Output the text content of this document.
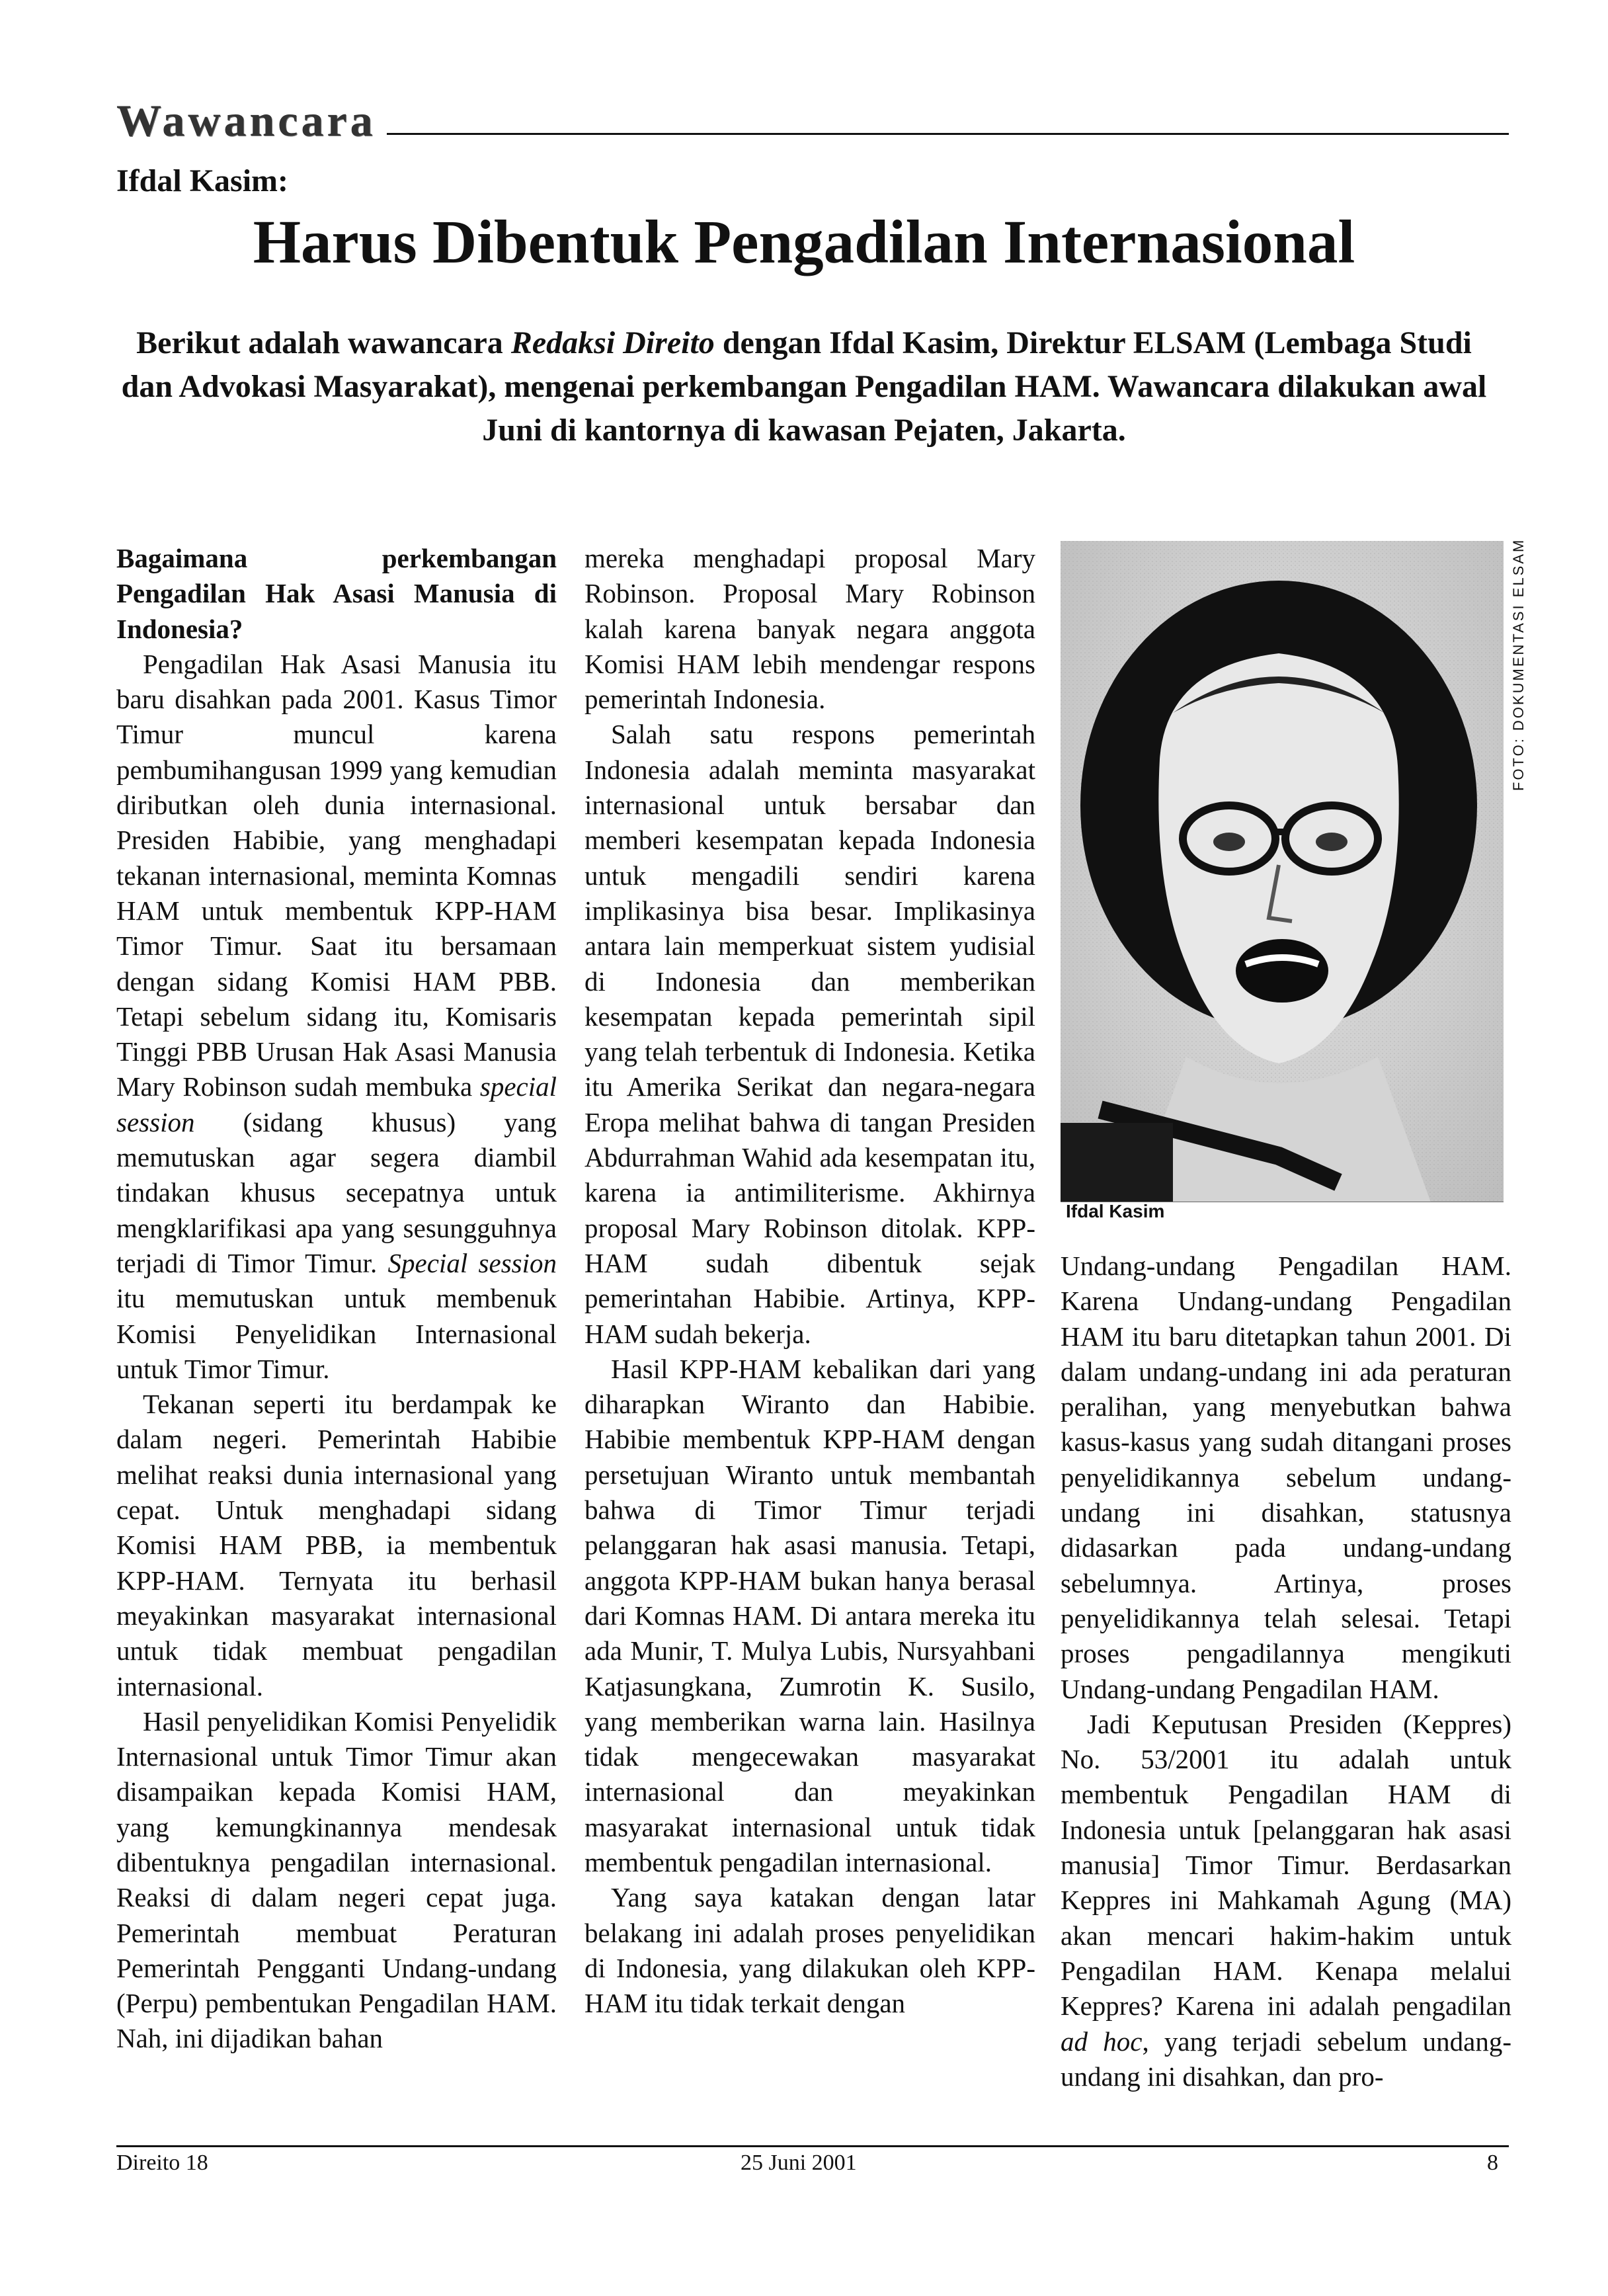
Wawancara
Ifdal Kasim:
Harus Dibentuk Pengadilan Internasional
Berikut adalah wawancara Redaksi Direito dengan Ifdal Kasim, Direktur ELSAM (Lembaga Studi dan Advokasi Masyarakat), mengenai perkembangan Pengadilan HAM. Wawancara dilakukan awal Juni di kantornya di kawasan Pejaten, Jakarta.

Bagaimana perkembangan Pengadilan Hak Asasi Manusia di Indonesia?

Pengadilan Hak Asasi Manusia itu baru disahkan pada 2001. Kasus Timor Timur muncul karena pembumihangusan 1999 yang kemudian diributkan oleh dunia internasional. Presiden Habibie, yang menghadapi tekanan internasional, meminta Komnas HAM untuk membentuk KPP-HAM Timor Timur. Saat itu bersamaan dengan sidang Komisi HAM PBB. Tetapi sebelum sidang itu, Komisaris Tinggi PBB Urusan Hak Asasi Manusia Mary Robinson sudah membuka special session (sidang khusus) yang memutuskan agar segera diambil tindakan khusus secepatnya untuk mengklarifikasi apa yang sesungguhnya terjadi di Timor Timur. Special session itu memutuskan untuk membenuk Komisi Penyelidikan Internasional untuk Timor Timur.

Tekanan seperti itu berdampak ke dalam negeri. Pemerintah Habibie melihat reaksi dunia internasional yang cepat. Untuk menghadapi sidang Komisi HAM PBB, ia membentuk KPP-HAM. Ternyata itu berhasil meyakinkan masyarakat internasional untuk tidak membuat pengadilan internasional.

Hasil penyelidikan Komisi Penyelidik Internasional untuk Timor Timur akan disampaikan kepada Komisi HAM, yang kemungkinannya mendesak dibentuknya pengadilan internasional. Reaksi di dalam negeri cepat juga. Pemerintah membuat Peraturan Pemerintah Pengganti Undang-undang (Perpu) pembentukan Pengadilan HAM. Nah, ini dijadikan bahan

mereka menghadapi proposal Mary Robinson. Proposal Mary Robinson kalah karena banyak negara anggota Komisi HAM lebih mendengar respons pemerintah Indonesia.

Salah satu respons pemerintah Indonesia adalah meminta masyarakat internasional untuk bersabar dan memberi kesempatan kepada Indonesia untuk mengadili sendiri karena implikasinya bisa besar. Implikasinya antara lain memperkuat sistem yudisial di Indonesia dan memberikan kesempatan kepada pemerintah sipil yang telah terbentuk di Indonesia. Ketika itu Amerika Serikat dan negara-negara Eropa melihat bahwa di tangan Presiden Abdurrahman Wahid ada kesempatan itu, karena ia antimiliterisme. Akhirnya proposal Mary Robinson ditolak. KPP-HAM sudah dibentuk sejak pemerintahan Habibie. Artinya, KPP-HAM sudah bekerja.

Hasil KPP-HAM kebalikan dari yang diharapkan Wiranto dan Habibie. Habibie membentuk KPP-HAM dengan persetujuan Wiranto untuk membantah bahwa di Timor Timur terjadi pelanggaran hak asasi manusia. Tetapi, anggota KPP-HAM bukan hanya berasal dari Komnas HAM. Di antara mereka itu ada Munir, T. Mulya Lubis, Nursyahbani Katjasungkana, Zumrotin K. Susilo, yang memberikan warna lain. Hasilnya tidak mengecewakan masyarakat internasional dan meyakinkan masyarakat internasional untuk tidak membentuk pengadilan internasional.

Yang saya katakan dengan latar belakang ini adalah proses penyelidikan di Indonesia, yang dilakukan oleh KPP-HAM itu tidak terkait dengan

Ifdal Kasim
FOTO: DOKUMENTASI ELSAM

Undang-undang Pengadilan HAM. Karena Undang-undang Pengadilan HAM itu baru ditetapkan tahun 2001. Di dalam undang-undang ini ada peraturan peralihan, yang menyebutkan bahwa kasus-kasus yang sudah ditangani proses penyelidikannya sebelum undang-undang ini disahkan, statusnya didasarkan pada undang-undang sebelumnya. Artinya, proses penyelidikannya telah selesai. Tetapi proses pengadilannya mengikuti Undang-undang Pengadilan HAM.

Jadi Keputusan Presiden (Keppres) No. 53/2001 itu adalah untuk membentuk Pengadilan HAM di Indonesia untuk [pelanggaran hak asasi manusia] Timor Timur. Berdasarkan Keppres ini Mahkamah Agung (MA) akan mencari hakim-hakim untuk Pengadilan HAM. Kenapa melalui Keppres? Karena ini adalah pengadilan ad hoc, yang terjadi sebelum undang-undang ini disahkan, dan pro-

Direito 18	25 Juni 2001	8
